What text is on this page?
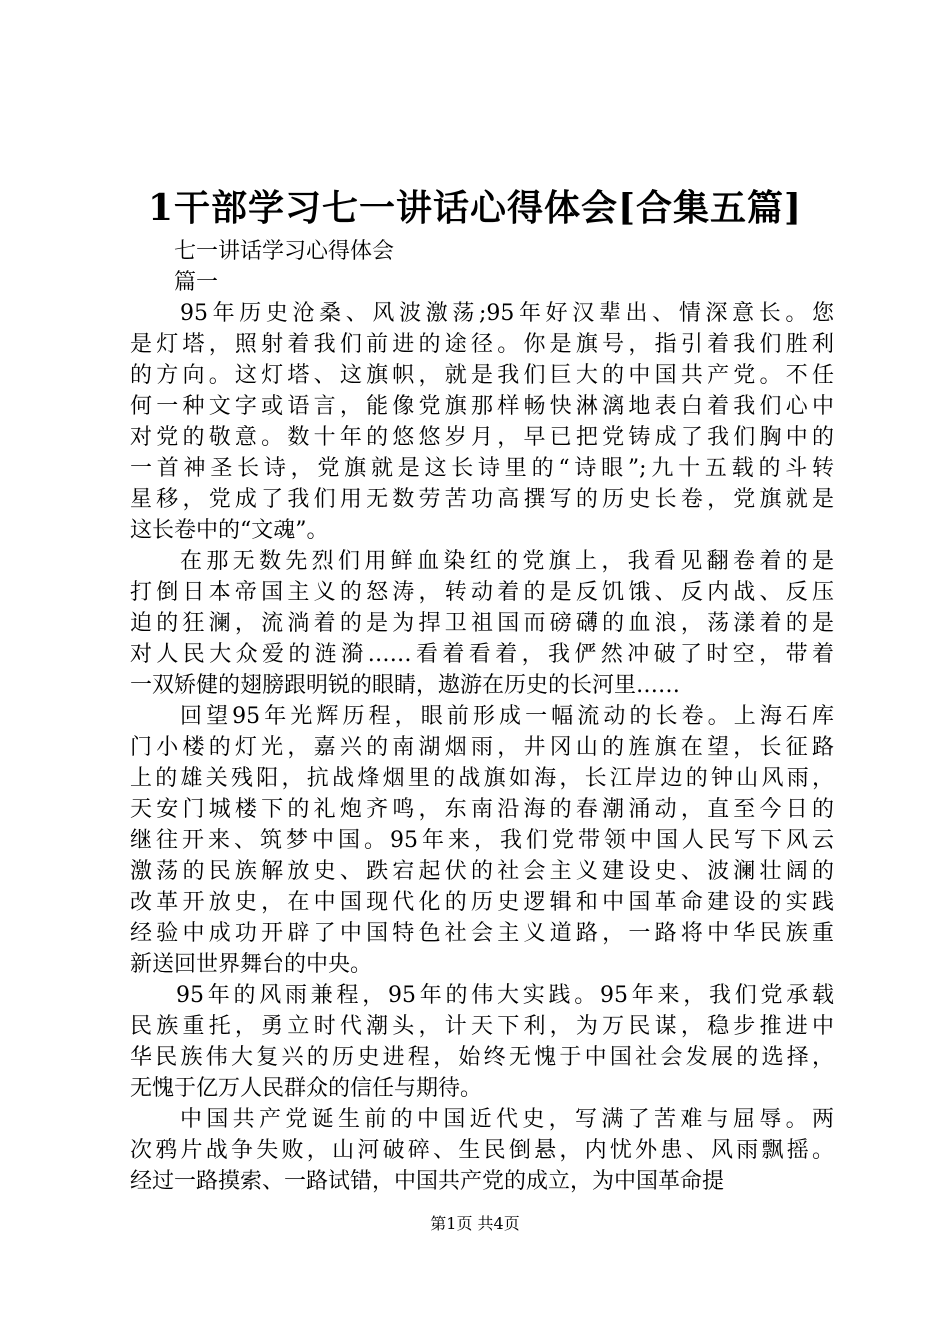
1干部学习七一讲话心得体会[合集五篇]
七一讲话学习心得体会
篇一
95年历史沧桑、风波激荡;95年好汉辈出、情深意长。您
是灯塔，照射着我们前进的途径。你是旗号，指引着我们胜利
的方向。这灯塔、这旗帜，就是我们巨大的中国共产党。不任
何一种文字或语言，能像党旗那样畅快淋漓地表白着我们心中
对党的敬意。数十年的悠悠岁月，早已把党铸成了我们胸中的
一首神圣长诗，党旗就是这长诗里的“诗眼”;九十五载的斗转
星移，党成了我们用无数劳苦功高撰写的历史长卷，党旗就是
这长卷中的“文魂”。
在那无数先烈们用鲜血染红的党旗上，我看见翻卷着的是
打倒日本帝国主义的怒涛，转动着的是反饥饿、反内战、反压
迫的狂澜，流淌着的是为捍卫祖国而磅礴的血浪，荡漾着的是
对人民大众爱的涟漪……看着看着，我俨然冲破了时空，带着
一双矫健的翅膀跟明锐的眼睛，遨游在历史的长河里……
回望95年光辉历程，眼前形成一幅流动的长卷。上海石库
门小楼的灯光，嘉兴的南湖烟雨，井冈山的旌旗在望，长征路
上的雄关残阳，抗战烽烟里的战旗如海，长江岸边的钟山风雨，
天安门城楼下的礼炮齐鸣，东南沿海的春潮涌动，直至今日的
继往开来、筑梦中国。95年来，我们党带领中国人民写下风云
激荡的民族解放史、跌宕起伏的社会主义建设史、波澜壮阔的
改革开放史，在中国现代化的历史逻辑和中国革命建设的实践
经验中成功开辟了中国特色社会主义道路，一路将中华民族重
新送回世界舞台的中央。
95年的风雨兼程，95年的伟大实践。95年来，我们党承载
民族重托，勇立时代潮头，计天下利，为万民谋，稳步推进中
华民族伟大复兴的历史进程，始终无愧于中国社会发展的选择，
无愧于亿万人民群众的信任与期待。
中国共产党诞生前的中国近代史，写满了苦难与屈辱。两
次鸦片战争失败，山河破碎、生民倒悬，内忧外患、风雨飘摇。
经过一路摸索、一路试错，中国共产党的成立，为中国革命提
第1页 共4页
